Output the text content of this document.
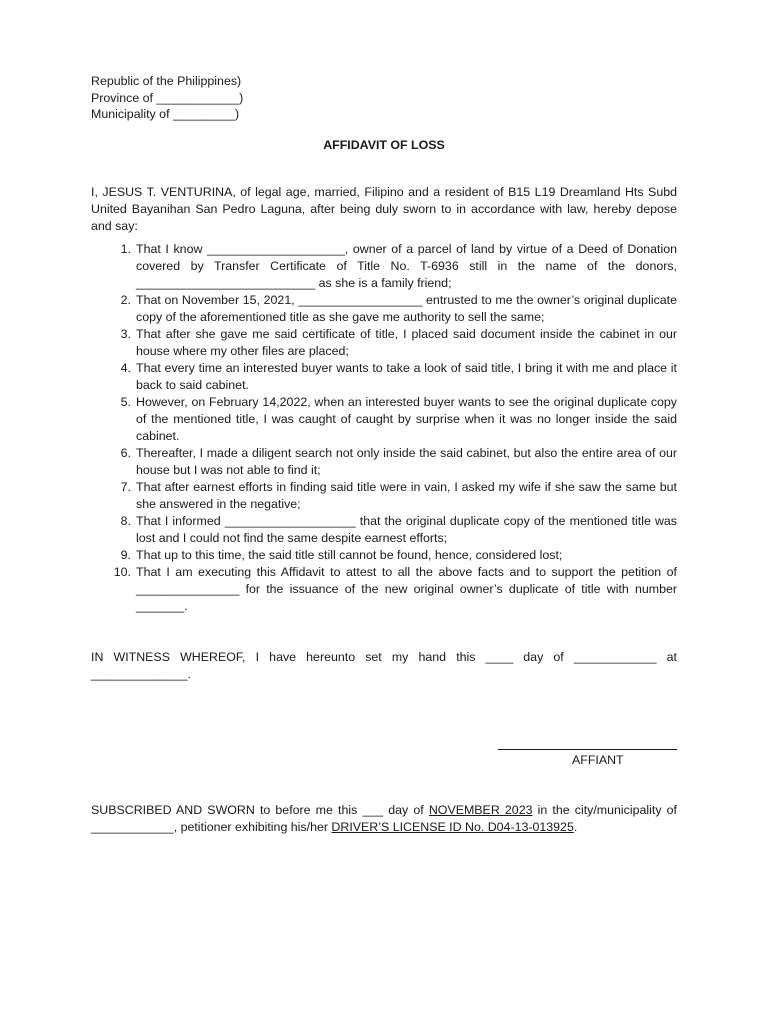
Republic of the Philippines)
Province of ____________)
Municipality of _________)
AFFIDAVIT OF LOSS
I, JESUS T. VENTURINA, of legal age, married, Filipino and a resident of B15 L19 Dreamland Hts Subd United Bayanihan San Pedro Laguna, after being duly sworn to in accordance with law, hereby depose and say:
1. That I know ____________________, owner of a parcel of land by virtue of a Deed of Donation covered by Transfer Certificate of Title No. T-6936 still in the name of the donors, __________________________ as she is a family friend;
2. That on November 15, 2021, __________________ entrusted to me the owner’s original duplicate copy of the aforementioned title as she gave me authority to sell the same;
3. That after she gave me said certificate of title, I placed said document inside the cabinet in our house where my other files are placed;
4. That every time an interested buyer wants to take a look of said title, I bring it with me and place it back to said cabinet.
5. However, on February 14,2022, when an interested buyer wants to see the original duplicate copy of the mentioned title, I was caught of caught by surprise when it was no longer inside the said cabinet.
6. Thereafter, I made a diligent search not only inside the said cabinet, but also the entire area of our house but I was not able to find it;
7. That after earnest efforts in finding said title were in vain, I asked my wife if she saw the same but she answered in the negative;
8. That I informed ___________________ that the original duplicate copy of the mentioned title was lost and I could not find the same despite earnest efforts;
9. That up to this time, the said title still cannot be found, hence, considered lost;
10. That I am executing this Affidavit to attest to all the above facts and to support the petition of _______________ for the issuance of the new original owner’s duplicate of title with number _______.
IN WITNESS WHEREOF, I have hereunto set my hand this ____ day of ____________ at ______________.
AFFIANT
SUBSCRIBED AND SWORN to before me this ___ day of NOVEMBER 2023 in the city/municipality of ____________, petitioner exhibiting his/her DRIVER’S LICENSE ID No. D04-13-013925.
